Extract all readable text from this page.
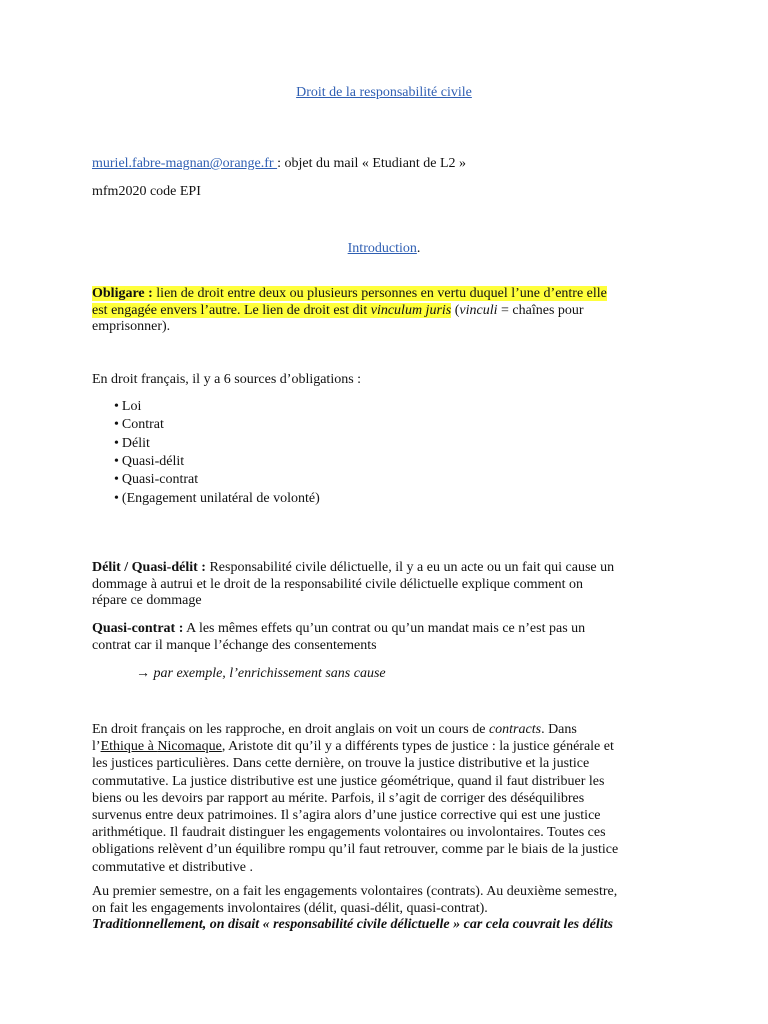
Droit de la responsabilité civile
muriel.fabre-magnan@orange.fr : objet du mail « Etudiant de L2 »
mfm2020 code EPI
Introduction.
Obligare : lien de droit entre deux ou plusieurs personnes en vertu duquel l’une d’entre elle
est engagée envers l’autre. Le lien de droit est dit vinculum juris (vinculi = chaînes pour
emprisonner).
En droit français, il y a 6 sources d’obligations :
• Loi
• Contrat
• Délit
• Quasi-délit
• Quasi-contrat
• (Engagement unilatéral de volonté)
Délit / Quasi-délit : Responsabilité civile délictuelle, il y a eu un acte ou un fait qui cause un
dommage à autrui et le droit de la responsabilité civile délictuelle explique comment on
répare ce dommage
Quasi-contrat : A les mêmes effets qu’un contrat ou qu’un mandat mais ce n’est pas un
contrat car il manque l’échange des consentements
→ par exemple, l’enrichissement sans cause
En droit français on les rapproche, en droit anglais on voit un cours de contracts. Dans
l’Ethique à Nicomaque, Aristote dit qu’il y a différents types de justice : la justice générale et
les justices particulières. Dans cette dernière, on trouve la justice distributive et la justice
commutative. La justice distributive est une justice géométrique, quand il faut distribuer les
biens ou les devoirs par rapport au mérite. Parfois, il s’agit de corriger des déséquilibres
survenus entre deux patrimoines. Il s’agira alors d’une justice corrective qui est une justice
arithmétique. Il faudrait distinguer les engagements volontaires ou involontaires. Toutes ces
obligations relèvent d’un équilibre rompu qu’il faut retrouver, comme par le biais de la justice
commutative et distributive .
Au premier semestre, on a fait les engagements volontaires (contrats). Au deuxième semestre,
on fait les engagements involontaires (délit, quasi-délit, quasi-contrat).
Traditionnellement, on disait « responsabilité civile délictuelle » car cela couvrait les délits
